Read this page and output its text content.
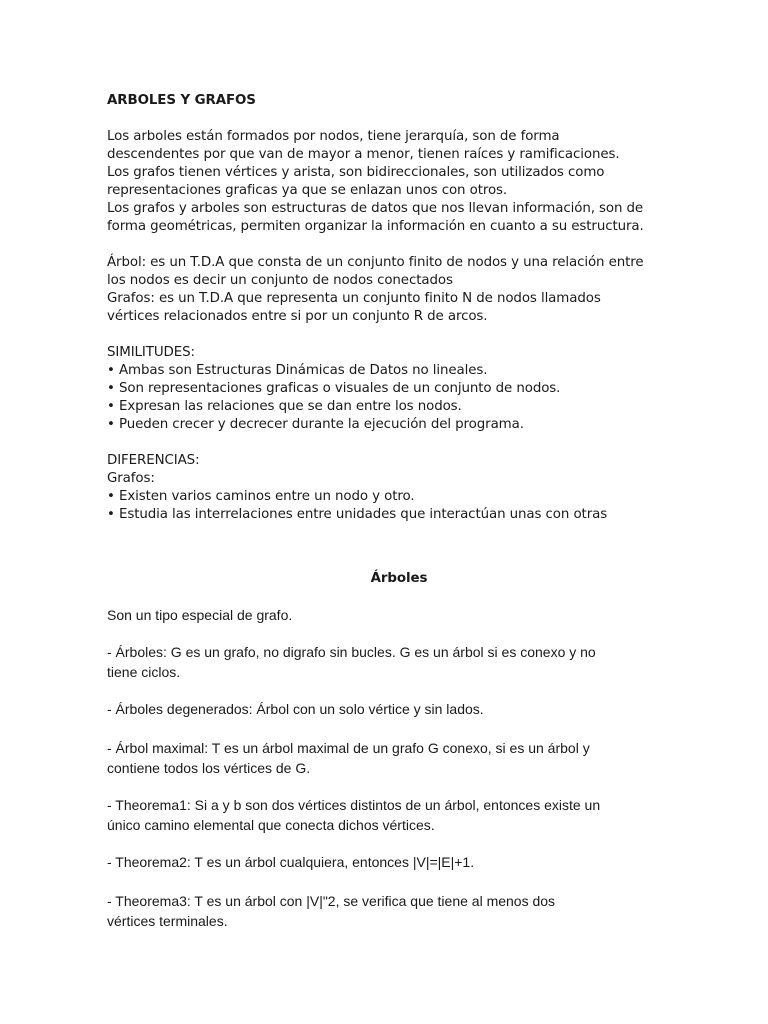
ARBOLES Y GRAFOS

Los arboles están formados por nodos, tiene jerarquía, son de forma

descendentes por que van de mayor a menor, tienen raíces y ramificaciones.

Los grafos tienen vértices y arista, son bidireccionales, son utilizados como

representaciones graficas ya que se enlazan unos con otros.

Los grafos y arboles son estructuras de datos que nos llevan información, son de

forma geométricas, permiten organizar la información en cuanto a su estructura.

Árbol: es un T.D.A que consta de un conjunto finito de nodos y una relación entre

los nodos es decir un conjunto de nodos conectados

Grafos: es un T.D.A que representa un conjunto finito N de nodos llamados

vértices relacionados entre si por un conjunto R de arcos.

SIMILITUDES:

• Ambas son Estructuras Dinámicas de Datos no lineales.

• Son representaciones graficas o visuales de un conjunto de nodos.

• Expresan las relaciones que se dan entre los nodos.

• Pueden crecer y decrecer durante la ejecución del programa.

DIFERENCIAS:

Grafos:

• Existen varios caminos entre un nodo y otro.

• Estudia las interrelaciones entre unidades que interactúan unas con otras

Árboles

Son un tipo especial de grafo.

- Árboles: G es un grafo, no digrafo sin bucles. G es un árbol si es conexo y no

tiene ciclos.

- Árboles degenerados: Árbol con un solo vértice y sin lados.

- Árbol maximal: T es un árbol maximal de un grafo G conexo, si es un árbol y

contiene todos los vértices de G.

- Theorema1: Si a y b son dos vértices distintos de un árbol, entonces existe un

único camino elemental que conecta dichos vértices.

- Theorema2: T es un árbol cualquiera, entonces |V|=|E|+1.

- Theorema3: T es un árbol con |V|"2, se verifica que tiene al menos dos

vértices terminales.
